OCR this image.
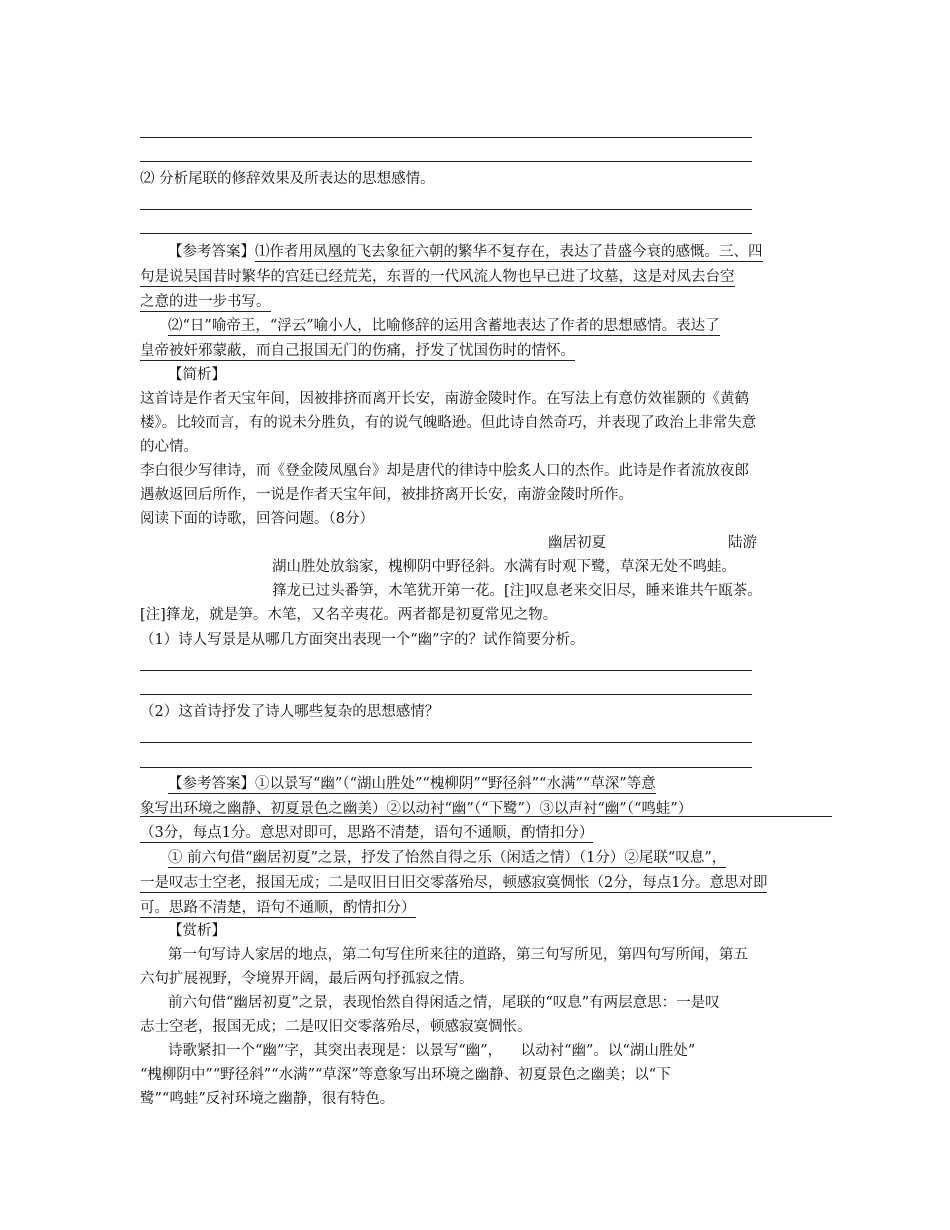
⑵ 分析尾联的修辞效果及所表达的思想感情。
【参考答案】⑴作者用凤凰的飞去象征六朝的繁华不复存在，表达了昔盛今衰的感慨。三、四
句是说吴国昔时繁华的宫廷已经荒芜，东晋的一代风流人物也早已进了坟墓，这是对凤去台空
之意的进一步书写。
⑵“日”喻帝王，“浮云”喻小人，比喻修辞的运用含蓄地表达了作者的思想感情。表达了
皇帝被奸邪蒙蔽，而自己报国无门的伤痛，抒发了忧国伤时的情怀。
【简析】
这首诗是作者天宝年间，因被排挤而离开长安，南游金陵时作。在写法上有意仿效崔颢的《黄鹤
楼》。比较而言，有的说未分胜负，有的说气魄略逊。但此诗自然奇巧，并表现了政治上非常失意
的心情。
李白很少写律诗，而《登金陵凤凰台》却是唐代的律诗中脍炙人口的杰作。此诗是作者流放夜郎
遇赦返回后所作，一说是作者天宝年间，被排挤离开长安，南游金陵时所作。
阅读下面的诗歌，回答问题。（8分）
幽居初夏	陆游
湖山胜处放翁家，槐柳阴中野径斜。水满有时观下鹭，草深无处不鸣蛙。
箨龙已过头番笋，木笔犹开第一花。[注]叹息老来交旧尽，睡来谁共午瓯茶。
[注]箨龙，就是笋。木笔，又名辛夷花。两者都是初夏常见之物。
（1）诗人写景是从哪几方面突出表现一个“幽”字的？试作简要分析。
（2）这首诗抒发了诗人哪些复杂的思想感情？
【参考答案】①以景写“幽”（“湖山胜处”“槐柳阴”“野径斜”“水满”“草深”等意
象写出环境之幽静、初夏景色之幽美）②以动衬“幽”（“下鹭”）③以声衬“幽”（“鸣蛙”）
（3分，每点1分。意思对即可，思路不清楚，语句不通顺，酌情扣分）
① 前六句借“幽居初夏”之景，抒发了怡然自得之乐（闲适之情）（1分）②尾联“叹息”，
一是叹志士空老，报国无成；二是叹旧日旧交零落殆尽，顿感寂寞惆怅（2分，每点1分。意思对即
可。思路不清楚，语句不通顺，酌情扣分）
【赏析】
第一句写诗人家居的地点，第二句写住所来往的道路，第三句写所见，第四句写所闻，第五
六句扩展视野，令境界开阔，最后两句抒孤寂之情。
前六句借“幽居初夏”之景，表现怡然自得闲适之情，尾联的“叹息”有两层意思：一是叹
志士空老，报国无成；二是叹旧交零落殆尽，顿感寂寞惆怅。
诗歌紧扣一个“幽”字，其突出表现是：以景写“幽”，    以动衬“幽”。以“湖山胜处”
“槐柳阴中”“野径斜”“水满”“草深”等意象写出环境之幽静、初夏景色之幽美；以“下
鹭”“鸣蛙”反衬环境之幽静，很有特色。
